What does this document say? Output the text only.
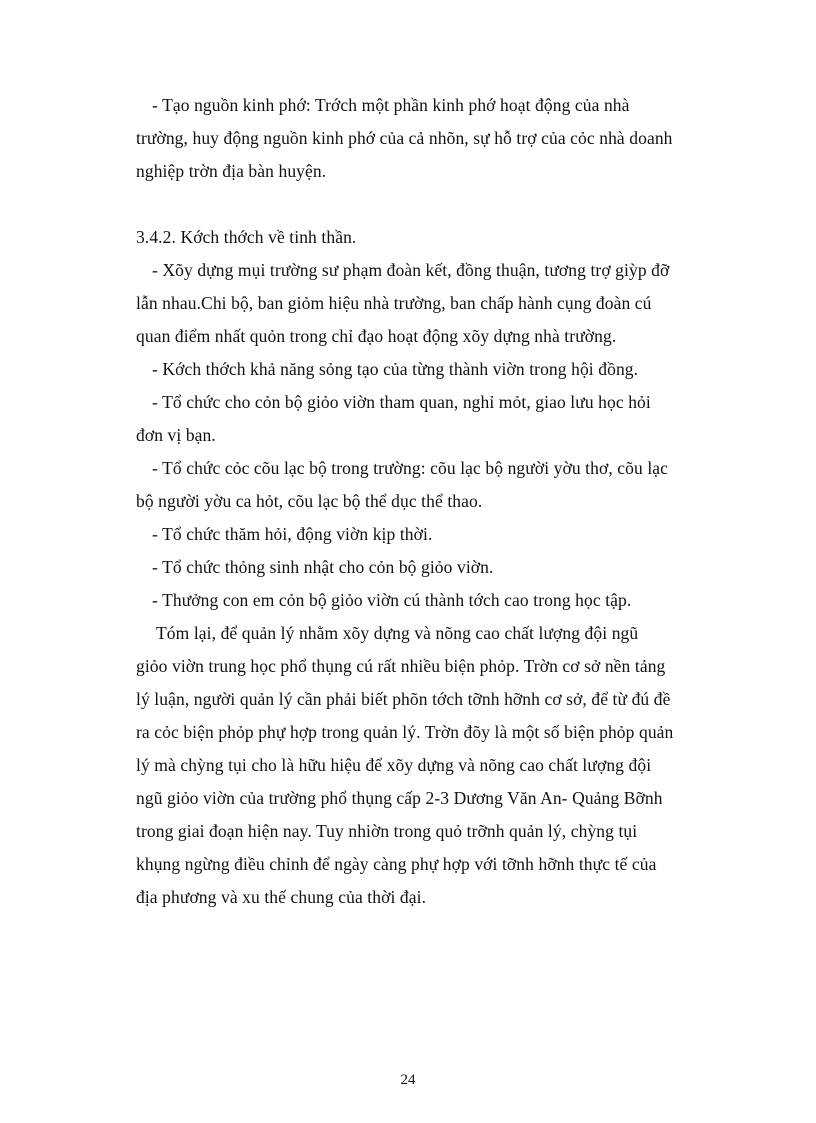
- Tạo nguồn kinh phớ: Trớch một phần kinh phớ hoạt động của nhà
trường, huy động nguồn kinh phớ của cả nhõn, sự hỗ trợ của cỏc nhà doanh
nghiệp trờn địa bàn huyện.
3.4.2. Kớch thớch về tinh thần.
- Xõy dựng mụi trường sư phạm đoàn kết, đồng thuận, tương trợ giỳp đỡ
lẫn nhau.Chi bộ, ban giỏm hiệu nhà trường, ban chấp hành cụng đoàn cú
quan điểm nhất quỏn trong chỉ đạo hoạt động xõy dựng nhà trường.
- Kớch thớch khả năng sỏng tạo của từng thành viờn trong hội đồng.
- Tổ chức cho cỏn bộ giỏo viờn tham quan, nghỉ mỏt, giao lưu học hỏi
đơn vị bạn.
- Tổ chức cỏc cõu lạc bộ trong trường: cõu lạc bộ người yờu thơ, cõu lạc
bộ người yờu ca hỏt, cõu lạc bộ thể dục thể thao.
- Tổ chức thăm hỏi, động viờn kịp thời.
- Tổ chức thỏng sinh nhật cho cỏn bộ giỏo viờn.
- Thưởng con em cỏn bộ giỏo viờn cú thành tớch cao trong học tập.
Tóm lại, để quản lý nhằm xõy dựng và nõng cao chất lượng đội ngũ
giỏo viờn trung học phổ thụng cú rất nhiều biện phỏp. Trờn cơ sở nền tảng
lý luận, người quản lý cần phải biết phõn tớch tỡnh hỡnh cơ sở, để từ đú đề
ra cỏc biện phỏp phự hợp trong quản lý. Trờn đõy là một số biện phỏp quản
lý mà chỳng tụi cho là hữu hiệu để xõy dựng và nõng cao chất lượng đội
ngũ giỏo viờn của trường phổ thụng cấp 2-3 Dương Văn An- Quảng Bỡnh
trong giai đoạn hiện nay. Tuy nhiờn trong quỏ trỡnh quản lý, chỳng tụi
khụng ngừng điều chỉnh để ngày càng phự hợp với tỡnh hỡnh thực tế của
địa phương và xu thế chung của thời đại.
24
